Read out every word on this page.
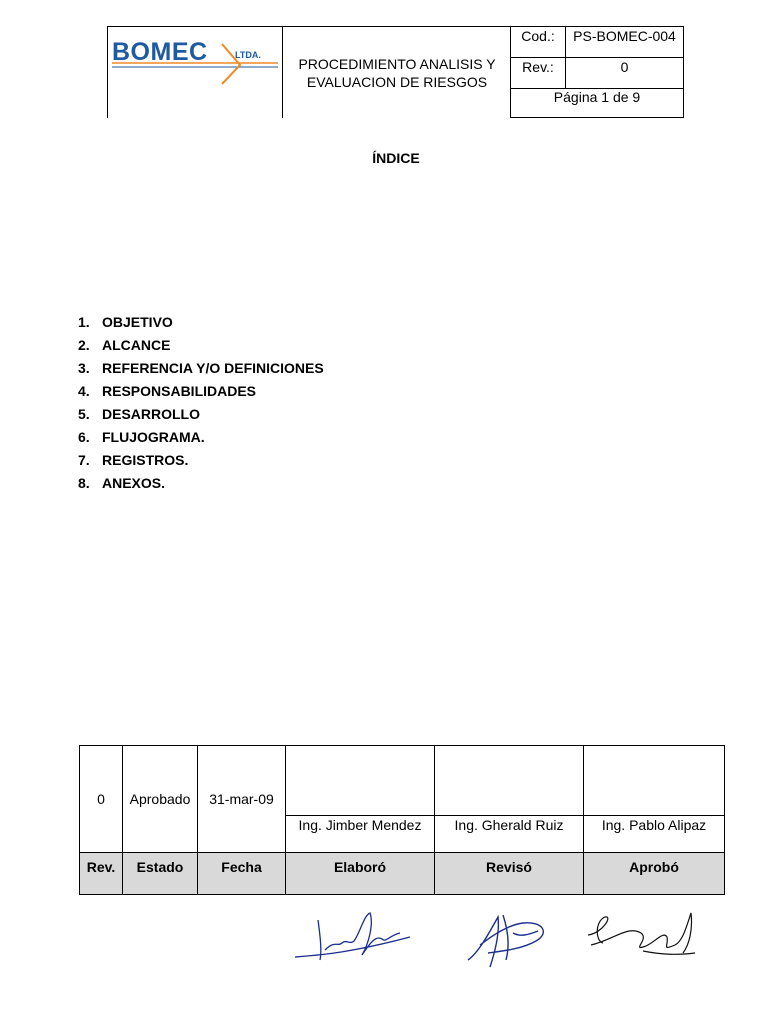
BOMEC	LTDA.
PROCEDIMIENTO ANALISIS Y
EVALUACION DE RIESGOS
Cod.:	PS-BOMEC-004
Rev.:	0
Página 1 de 9
ÍNDICE
1. OBJETIVO
2. ALCANCE
3. REFERENCIA Y/O DEFINICIONES
4. RESPONSABILIDADES
5. DESARROLLO
6. FLUJOGRAMA.
7. REGISTROS.
8. ANEXOS.
0	Aprobado	31-mar-09			
			Ing. Jimber Mendez	Ing. Gherald Ruiz	Ing. Pablo Alipaz
Rev.	Estado	Fecha	Elaboró	Revisó	Aprobó
